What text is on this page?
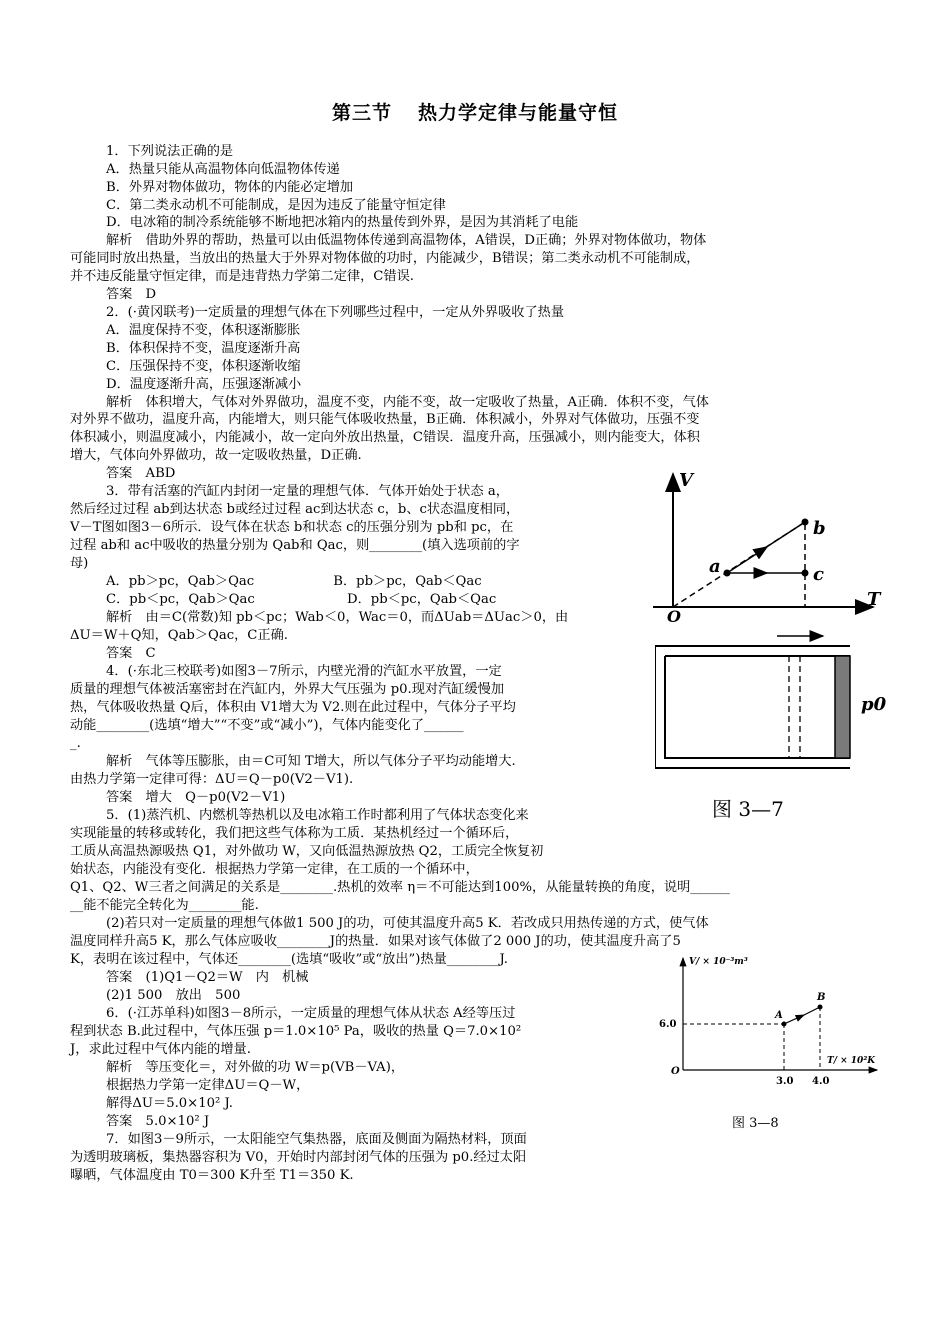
第三节 热力学定律与能量守恒
1．下列说法正确的是
A．热量只能从高温物体向低温物体传递
B．外界对物体做功，物体的内能必定增加
C．第二类永动机不可能制成，是因为违反了能量守恒定律
D．电冰箱的制冷系统能够不断地把冰箱内的热量传到外界，是因为其消耗了电能
解析　借助外界的帮助，热量可以由低温物体传递到高温物体，A错误，D正确；外界对物体做功，物体
可能同时放出热量，当放出的热量大于外界对物体做的功时，内能减少，B错误；第二类永动机不可能制成，
并不违反能量守恒定律，而是违背热力学第二定律，C错误.
答案　D
2．(·黄冈联考)一定质量的理想气体在下列哪些过程中，一定从外界吸收了热量
A．温度保持不变，体积逐渐膨胀
B．体积保持不变，温度逐渐升高
C．压强保持不变，体积逐渐收缩
D．温度逐渐升高，压强逐渐减小
解析　体积增大，气体对外界做功，温度不变，内能不变，故一定吸收了热量，A正确．体积不变，气体
对外界不做功，温度升高，内能增大，则只能气体吸收热量，B正确．体积减小，外界对气体做功，压强不变
体积减小，则温度减小，内能减小，故一定向外放出热量，C错误．温度升高，压强减小，则内能变大，体积
增大，气体向外界做功，故一定吸收热量，D正确.
答案　ABD
3．带有活塞的汽缸内封闭一定量的理想气体．气体开始处于状态 a，
然后经过过程 ab到达状态 b或经过过程 ac到达状态 c，b、c状态温度相同，
V－T图如图3－6所示．设气体在状态 b和状态 c的压强分别为 pb和 pc，在
过程 ab和 ac中吸收的热量分别为 Qab和 Qac，则________(填入选项前的字
母)
A．pb＞pc，Qab＞Qac　　　　　　B．pb＞pc，Qab＜Qac
C．pb＜pc，Qab＞Qac　　　　　　　D．pb＜pc，Qab＜Qac
解析　由＝C(常数)知 pb＜pc；Wab＜0，Wac＝0，而ΔUab＝ΔUac＞0，由
ΔU＝W＋Q知，Qab＞Qac，C正确.
答案　C
4．(·东北三校联考)如图3－7所示，内壁光滑的汽缸水平放置，一定
质量的理想气体被活塞密封在汽缸内，外界大气压强为 p0.现对汽缸缓慢加
热，气体吸收热量 Q后，体积由 V1增大为 V2.则在此过程中，气体分子平均
动能________(选填“增大”“不变”或“减小”)，气体内能变化了______
_.
解析　气体等压膨胀，由＝C可知 T增大，所以气体分子平均动能增大.
由热力学第一定律可得：ΔU＝Q－p0(V2－V1).
答案　增大　Q－p0(V2－V1)
5．(1)蒸汽机、内燃机等热机以及电冰箱工作时都利用了气体状态变化来
实现能量的转移或转化，我们把这些气体称为工质．某热机经过一个循环后，
工质从高温热源吸热 Q1，对外做功 W，又向低温热源放热 Q2，工质完全恢复初
始状态，内能没有变化．根据热力学第一定律，在工质的一个循环中，
Q1、Q2、W三者之间满足的关系是________.热机的效率 η＝不可能达到100%，从能量转换的角度，说明______
__能不能完全转化为________能.
(2)若只对一定质量的理想气体做1 500 J的功，可使其温度升高5 K．若改成只用热传递的方式，使气体
温度同样升高5 K，那么气体应吸收________J的热量．如果对该气体做了2 000 J的功，使其温度升高了5
K，表明在该过程中，气体还________(选填“吸收”或“放出”)热量________J.
答案　(1)Q1－Q2＝W　内　机械
(2)1 500　放出　500
6．(·江苏单科)如图3－8所示，一定质量的理想气体从状态 A经等压过
程到状态 B.此过程中，气体压强 p＝1.0×10⁵ Pa，吸收的热量 Q＝7.0×10²
J，求此过程中气体内能的增量.
解析　等压变化＝，对外做的功 W＝p(VB－VA)，
根据热力学第一定律ΔU＝Q－W，
解得ΔU＝5.0×10² J.
答案　5.0×10² J
7．如图3－9所示，一太阳能空气集热器，底面及侧面为隔热材料，顶面
为透明玻璃板，集热器容积为 V0，开始时内部封闭气体的压强为 p0.经过太阳
曝晒，气体温度由 T0＝300 K升至 T1＝350 K.
V
T
O
a
b
c
p0
图 3—7
V/ × 10⁻³m³
T/ × 10²K
O
6.0
3.0 4.0
A
B
图 3—8
